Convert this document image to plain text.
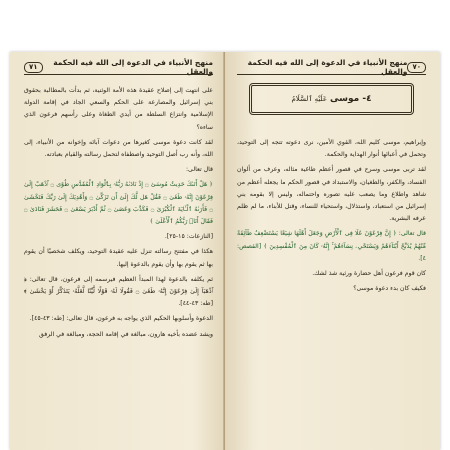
منهج الأنبياء في الدعوة إلى الله فيه الحكمة والعقل
٧١

على انتهت إلى إصلاح عقيدة هذه الأمة الوثنية، ثم بدأت بالمطالبة بحقوق بني إسرائيل والمصارعة على الحكم والسعي الجاد في إقامة الدولة الإسلامية وانتزاع السلطة من أيدي الطغاة وعلى رأسهم فرعون الذي ساءه؟

لقد كانت دعوة موسى كغيرها من دعوات آبائه وإخوانه من الأنبياء، إلى الله، وأنه رب أصل التوحيد واصطفاه لتحمل رسالته والقيام بعبادته.

قال تعالى:

﴿ هَلْ أَتَىٰكَ حَدِيثُ مُوسَىٰٓ ۝ إِذْ نَادَىٰهُ رَبُّهُۥ بِٱلْوَادِ ٱلْمُقَدَّسِ طُوًى ۝ ٱذْهَبْ إِلَىٰ فِرْعَوْنَ إِنَّهُۥ طَغَىٰ ۝ فَقُلْ هَل لَّكَ إِلَىٰٓ أَن تَزَكَّىٰ ۝ وَأَهْدِيَكَ إِلَىٰ رَبِّكَ فَتَخْشَىٰ ۝ فَأَرَىٰهُ ٱلْـَٔايَةَ ٱلْكُبْرَىٰ ۝ فَكَذَّبَ وَعَصَىٰ ۝ ثُمَّ أَدْبَرَ يَسْعَىٰ ۝ فَحَشَرَ فَنَادَىٰ ۝ فَقَالَ أَنَا۠ رَبُّكُمُ ٱلْأَعْلَىٰ ﴾

[النازعات: ١٥-٢٥].

هكذا في مفتتح رسالته تنزل عليه عقيدة التوحيد، ويكلف شخصيًا أن يقوم بها ثم يقوم بها وأن يقوم بالدعوة إليها.

ثم يكلفه بالدعوة لهذا المبدأ العظيم فيرسمه إلى فرعون، قال تعالى: ﴿ ٱذْهَبَآ إِلَىٰ فِرْعَوْنَ إِنَّهُۥ طَغَىٰ ۝ فَقُولَا لَهُۥ قَوْلًا لَّيِّنًا لَّعَلَّهُۥ يَتَذَكَّرُ أَوْ يَخْشَىٰ ﴾ [طه: ٤٣-٤٤].

الدعوة وأسلوبها الحكيم الذي يواجه به فرعون، قال تعالى: [طه: ٤٣-٤٥].

ويشد عضده بأخيه هارون، مبالغة في إقامة الحجة، ومبالغة في الرفق

٧٠
منهج الأنبياء في الدعوة إلى الله فيه الحكمة والعقل
٤- موسى
عَلَيْهِ ٱلسَّلَامُ

وإبراهيم، موسى كليم الله، القوي الأمين، نرى دعوته تتجه إلى التوحيد، وتحمل في أعبائها أنوار الهداية والحكمة.

لقد تربى موسى وسرح في قصور أعظم طاغية مثاله، وعرف من ألوان الفساد، والكفر، والطغيان، والاستبداد في قصور الحكم ما يجعله أعظم من شاهد واطلاع وما يصعب عليه تصوره واحتماله، وليس إلا بقومه بني إسرائيل من استعباد، واستذلال، واستحياء للنساء، وقتل للأبناء، ما لم ظلم عرفه البشرية.

قال تعالى: ﴿ إِنَّ فِرْعَوْنَ عَلَا فِى ٱلْأَرْضِ وَجَعَلَ أَهْلَهَا شِيَعًا يَسْتَضْعِفُ طَآئِفَةً مِّنْهُمْ يُذَبِّحُ أَبْنَآءَهُمْ وَيَسْتَحْىِۦ نِسَآءَهُمْ ۚ إِنَّهُۥ كَانَ مِنَ ٱلْمُفْسِدِينَ ﴾ [القصص: ٤].

كان قوم فرعون أهل حضارة ورثية شذ لشك.

فكيف كان بدء دعوة موسى؟
